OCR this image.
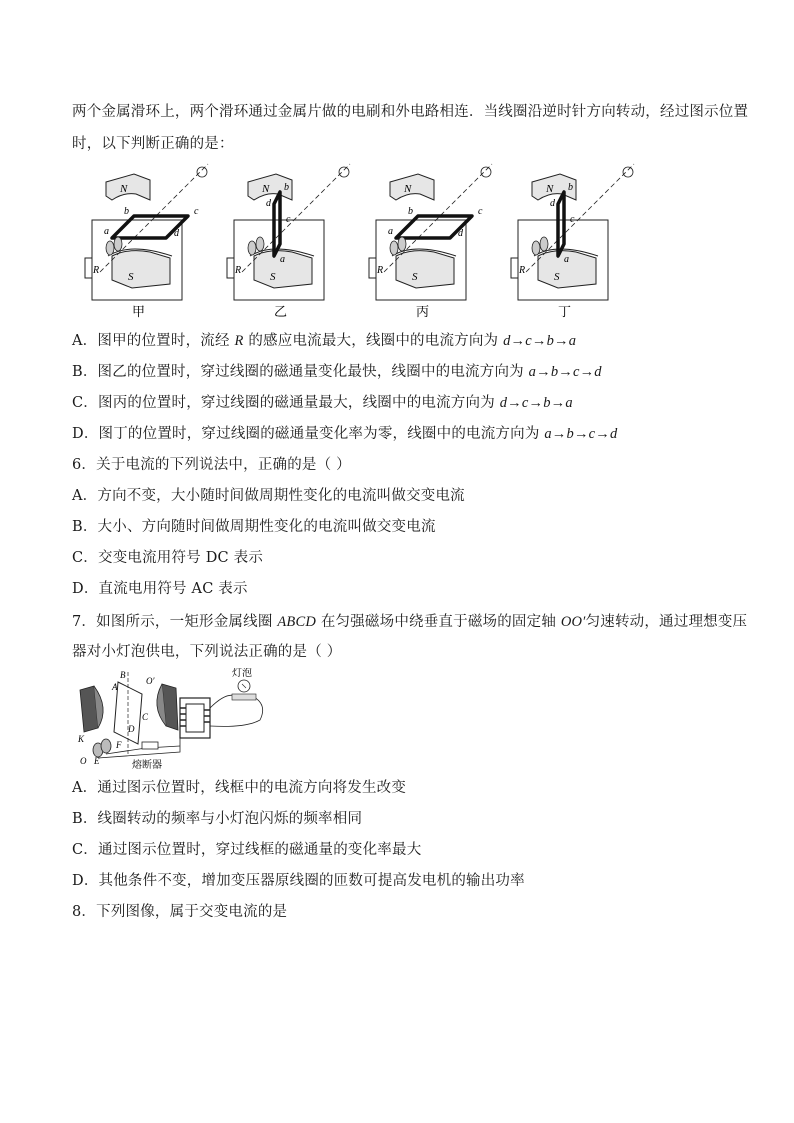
两个金属滑环上，两个滑环通过金属片做的电刷和外电路相连．当线圈沿逆时针方向转动，经过图示位置
时，以下判断正确的是：
N
S
R
a
b	c
d
甲
N
S
R
a
b
c
d
乙
N
S
R
a
b	c
d
丙
N
S
R
a
b
c
d
丁
A．图甲的位置时，流经 R 的感应电流最大，线圈中的电流方向为 d→c→b→a
B．图乙的位置时，穿过线圈的磁通量变化最快，线圈中的电流方向为 a→b→c→d
C．图丙的位置时，穿过线圈的磁通量最大，线圈中的电流方向为 d→c→b→a
D．图丁的位置时，穿过线圈的磁通量变化率为零，线圈中的电流方向为 a→b→c→d
6．关于电流的下列说法中，正确的是（ ）
A．方向不变，大小随时间做周期性变化的电流叫做交变电流
B．大小、方向随时间做周期性变化的电流叫做交变电流
C．交变电流用符号 DC 表示
D．直流电用符号 AC 表示
7．如图所示，一矩形金属线圈 ABCD 在匀强磁场中绕垂直于磁场的固定轴 OO′匀速转动，通过理想变压
器对小灯泡供电，下列说法正确的是（ ）
灯泡
熔断器
B
A
O′
C
D
K
F
O E
A．通过图示位置时，线框中的电流方向将发生改变
B．线圈转动的频率与小灯泡闪烁的频率相同
C．通过图示位置时，穿过线框的磁通量的变化率最大
D．其他条件不变，增加变压器原线圈的匝数可提高发电机的输出功率
8．下列图像，属于交变电流的是
